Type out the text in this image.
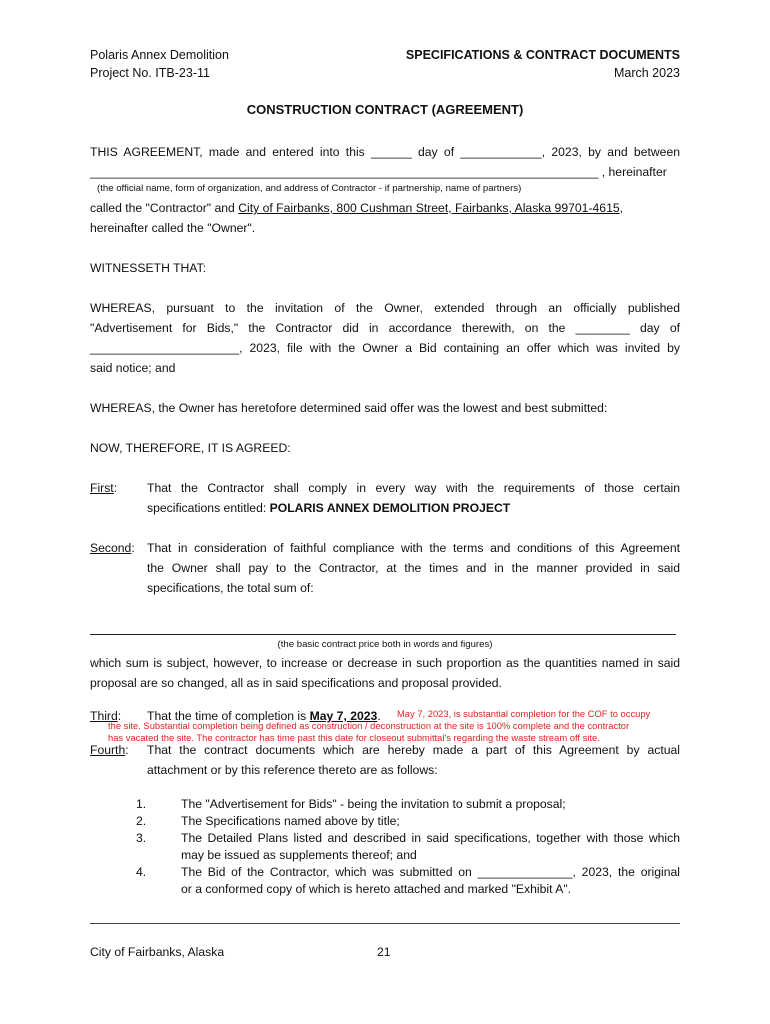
Polaris Annex Demolition
Project No. ITB-23-11
SPECIFICATIONS & CONTRACT DOCUMENTS
March 2023
CONSTRUCTION CONTRACT (AGREEMENT)
THIS AGREEMENT, made and entered into this ______ day of ____________, 2023, by and between
___________________________________________________________________________ , hereinafter
(the official name, form of organization, and address of Contractor - if partnership, name of partners)
called the "Contractor" and City of Fairbanks, 800 Cushman Street, Fairbanks, Alaska 99701-4615,
hereinafter called the "Owner".
WITNESSETH THAT:
WHEREAS, pursuant to the invitation of the Owner, extended through an officially published
"Advertisement for Bids," the Contractor did in accordance therewith, on the ________ day of
______________________, 2023, file with the Owner a Bid containing an offer which was invited by
said notice; and
WHEREAS, the Owner has heretofore determined said offer was the lowest and best submitted:
NOW, THEREFORE, IT IS AGREED:
First: That the Contractor shall comply in every way with the requirements of those certain
specifications entitled: POLARIS ANNEX DEMOLITION PROJECT
Second: That in consideration of faithful compliance with the terms and conditions of this Agreement
the Owner shall pay to the Contractor, at the times and in the manner provided in said
specifications, the total sum of:
(the basic contract price both in words and figures)
which sum is subject, however, to increase or decrease in such proportion as the quantities named in said
proposal are so changed, all as in said specifications and proposal provided.
Third: That the time of completion is May 7, 2023. May 7, 2023, is substantial completion for the COF to occupy
the site. Substantial completion being defined as construction / deconstruction at the site is 100% complete and the contractor
has vacated the site. The contractor has time past this date for closeout submittal's regarding the waste stream off site.
Fourth: That the contract documents which are hereby made a part of this Agreement by actual
attachment or by this reference thereto are as follows:
1.	The "Advertisement for Bids" - being the invitation to submit a proposal;
2.	The Specifications named above by title;
3.	The Detailed Plans listed and described in said specifications, together with those which
may be issued as supplements thereof; and
4.	The Bid of the Contractor, which was submitted on ______________, 2023, the original
or a conformed copy of which is hereto attached and marked "Exhibit A".
City of Fairbanks, Alaska	21
